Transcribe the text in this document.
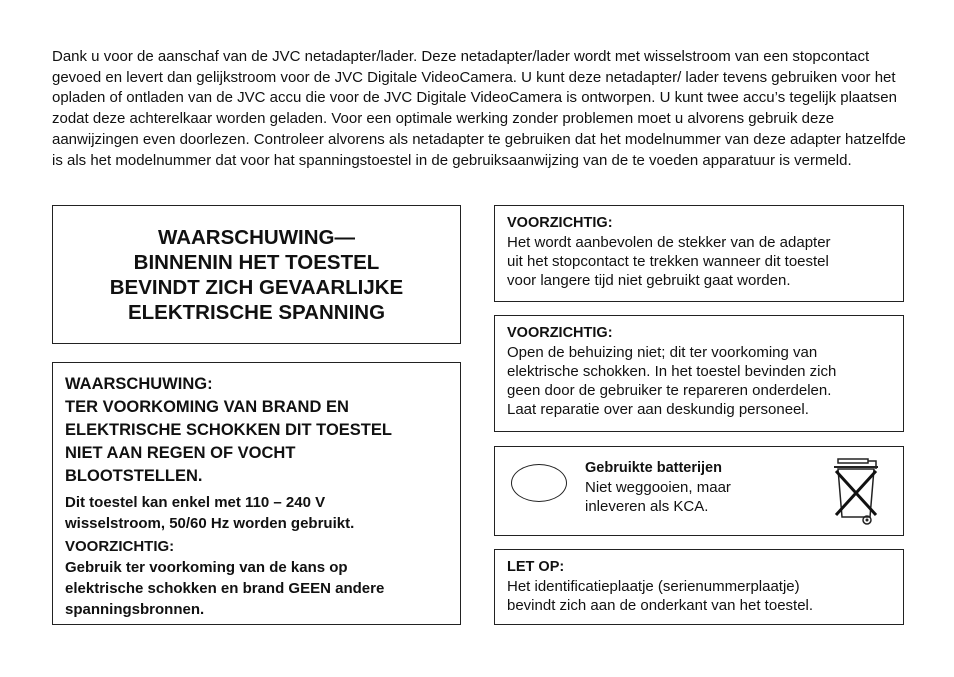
Dank u voor de aanschaf van de JVC netadapter/lader. Deze netadapter/lader wordt met wisselstroom van een stopcontact gevoed en levert dan gelijkstroom voor de JVC Digitale VideoCamera. U kunt deze netadapter/ lader tevens gebruiken voor het opladen of ontladen van de JVC accu die voor de JVC Digitale VideoCamera is ontworpen. U kunt twee accu’s tegelijk plaatsen zodat deze achterelkaar worden geladen. Voor een optimale werking zonder problemen moet u alvorens gebruik deze aanwijzingen even doorlezen. Controleer alvorens als netadapter te gebruiken dat het modelnummer van deze adapter hatzelfde is als het modelnummer dat voor hat spanningstoestel in de gebruiksaanwijzing van de te voeden apparatuur is vermeld.

WAARSCHUWING—
BINNENIN HET TOESTEL
BEVINDT ZICH GEVAARLIJKE
ELEKTRISCHE SPANNING
WAARSCHUWING:
TER VOORKOMING VAN BRAND EN
ELEKTRISCHE SCHOKKEN DIT TOESTEL
NIET AAN REGEN OF VOCHT
BLOOTSTELLEN.
Dit toestel kan enkel met 110 – 240 V
wisselstroom, 50/60 Hz worden gebruikt.
VOORZICHTIG:
Gebruik ter voorkoming van de kans op
elektrische schokken en brand GEEN andere
spanningsbronnen.
VOORZICHTIG:
Het wordt aanbevolen de stekker van de adapter
uit het stopcontact te trekken wanneer dit toestel
voor langere tijd niet gebruikt gaat worden.
VOORZICHTIG:
Open de behuizing niet; dit ter voorkoming van
elektrische schokken. In het toestel bevinden zich
geen door de gebruiker te repareren onderdelen.
Laat reparatie over aan deskundig personeel.
Gebruikte batterijen
Niet weggooien, maar
inleveren als KCA.
LET OP:
Het identificatieplaatje (serienummerplaatje)
bevindt zich aan de onderkant van het toestel.
